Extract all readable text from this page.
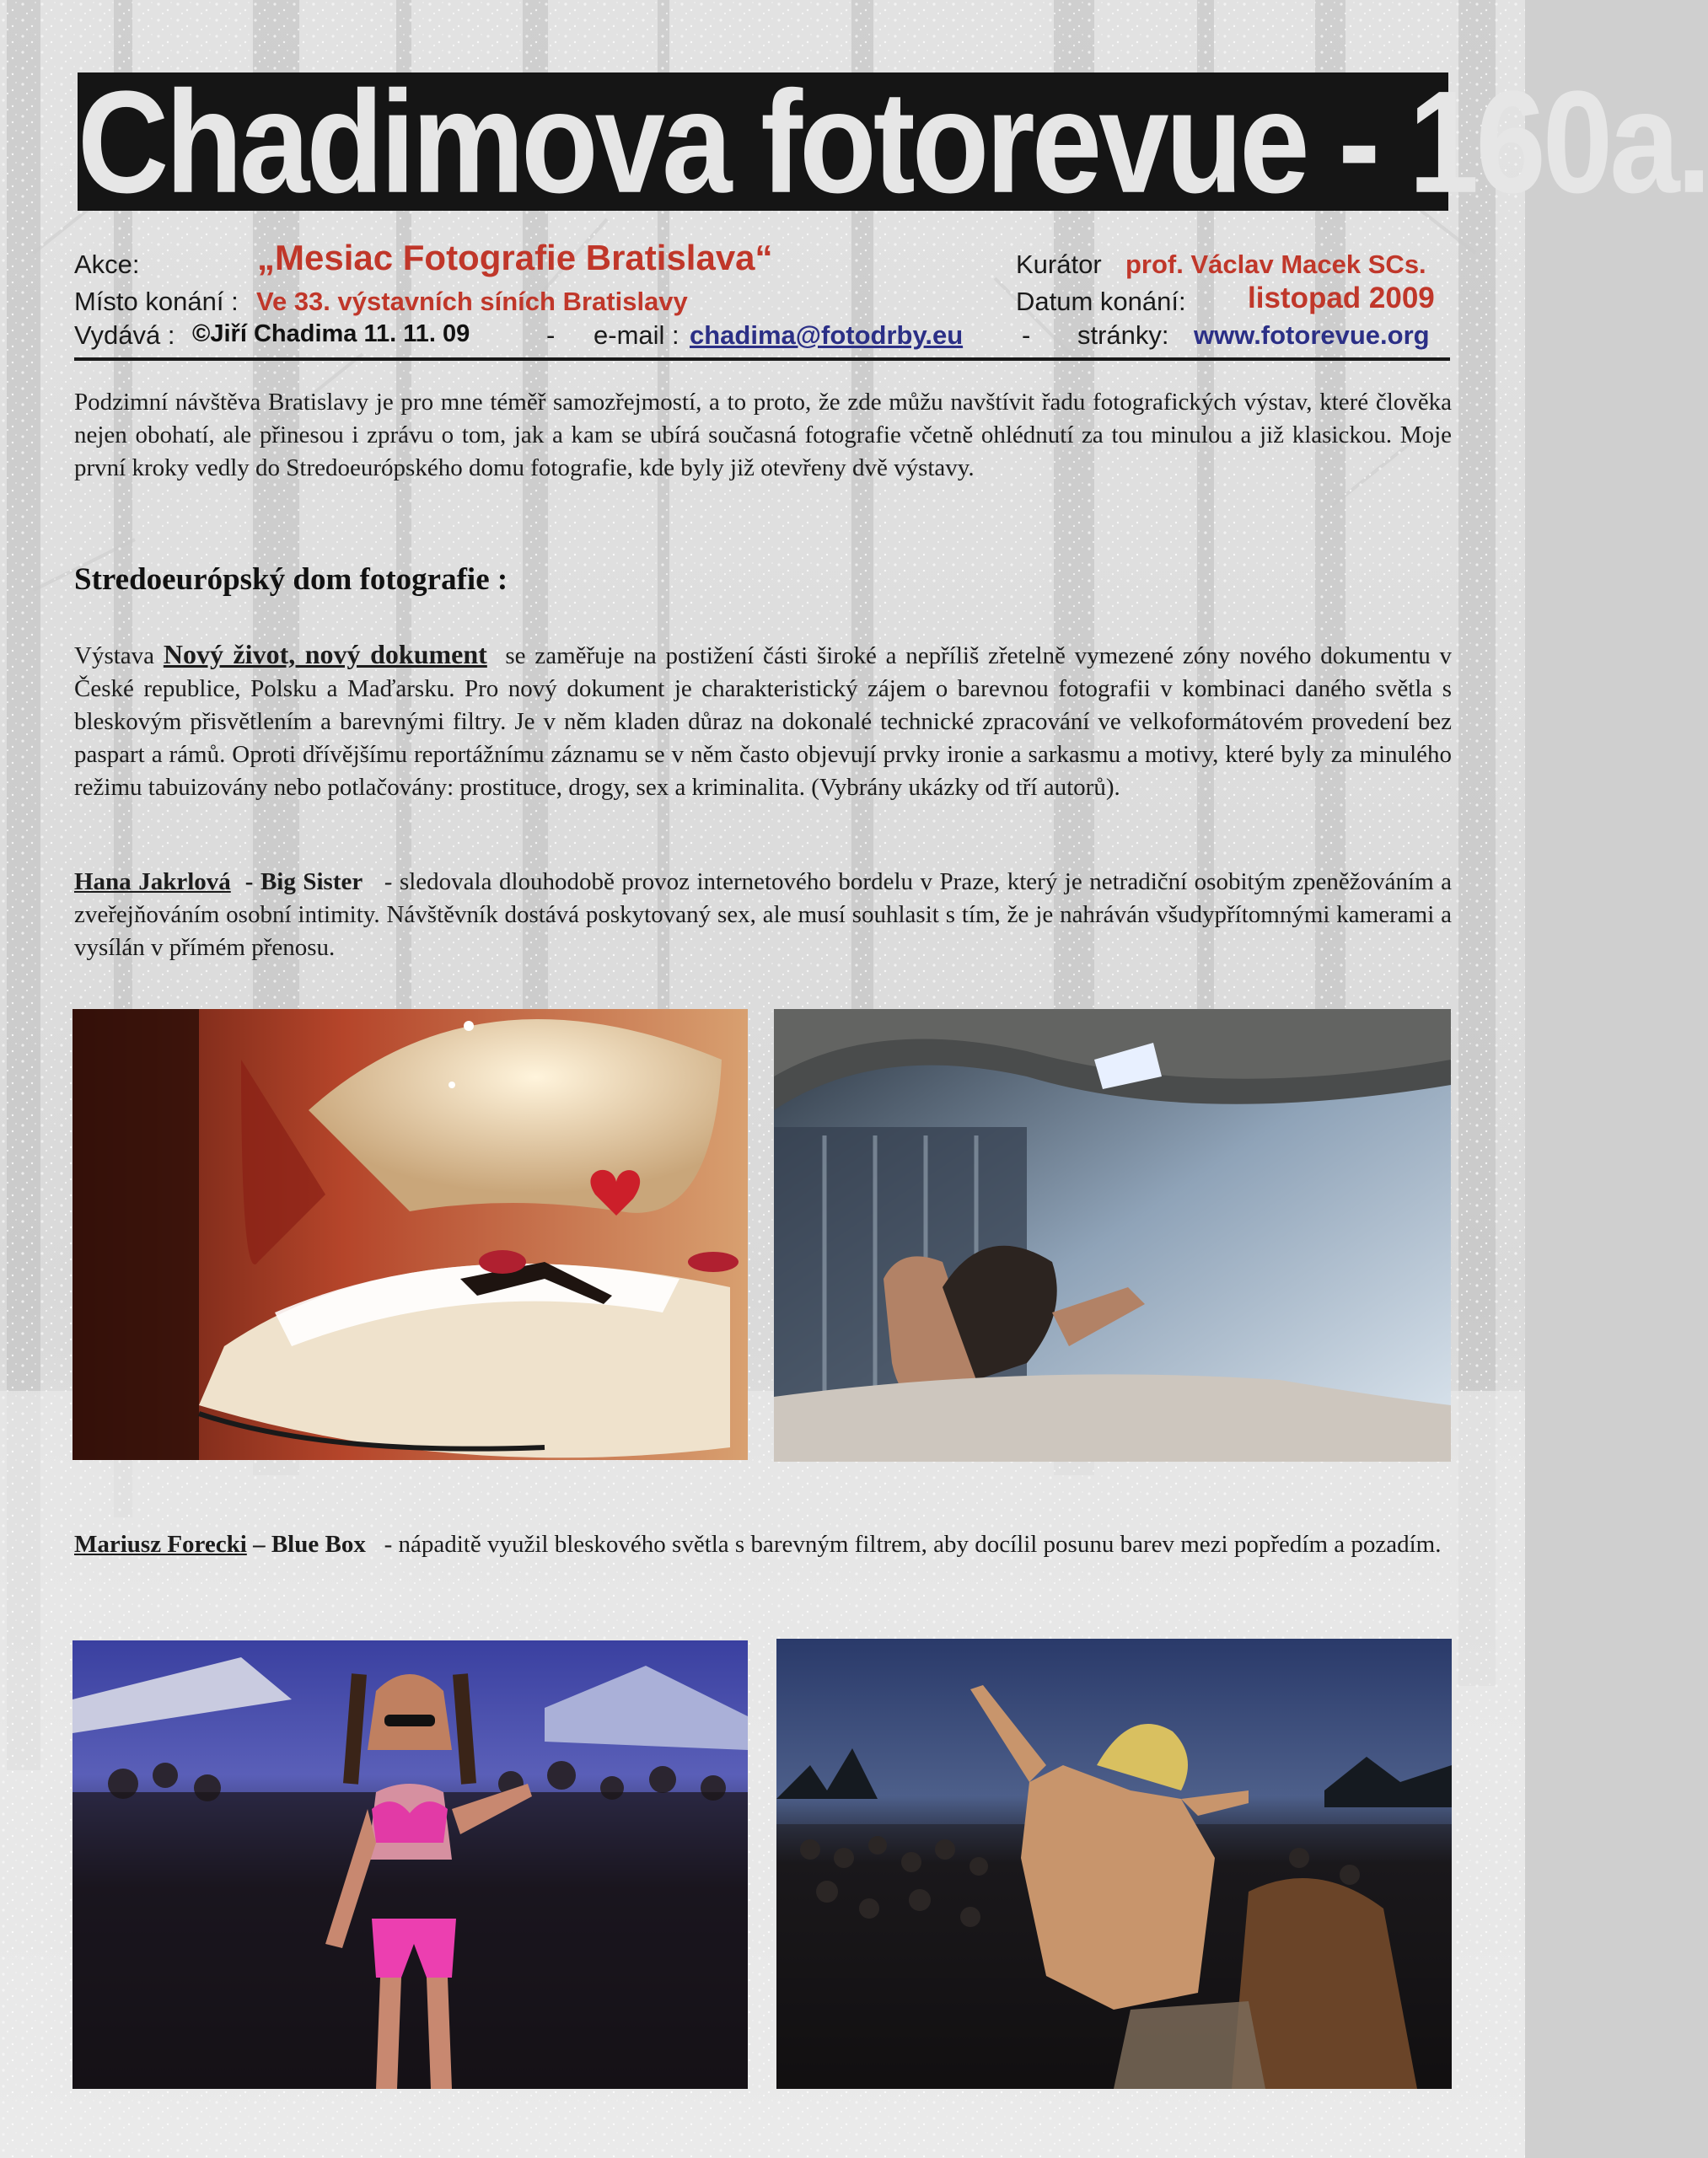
Chadimova fotorevue - 160a.
Akce:	„Mesiac Fotografie Bratislava“	Kurátor prof. Václav Macek SCs.
Místo konání : Ve 33. výstavních síních Bratislavy	Datum konání: listopad 2009
Vydává : ©Jiří Chadima 11. 11. 09	- e-mail : chadima@fotodrby.eu - stránky: www.fotorevue.org
Podzimní návštěva Bratislavy je pro mne téměř samozřejmostí, a to proto, že zde můžu navštívit řadu fotografických výstav, které člověka nejen obohatí, ale přinesou i zprávu o tom, jak a kam se ubírá současná fotografie včetně ohlédnutí za tou minulou a již klasickou. Moje první kroky vedly do Stredoeurópského domu fotografie, kde byly již otevřeny dvě výstavy.
Stredoeurópský dom fotografie :
Výstava Nový život, nový dokument se zaměřuje na postižení části široké a nepříliš zřetelně vymezené zóny nového dokumentu v České republice, Polsku a Maďarsku. Pro nový dokument je charakteristický zájem o barevnou fotografii v kombinaci daného světla s bleskovým přisvětlením a barevnými filtry. Je v něm kladen důraz na dokonalé technické zpracování ve velkoformátovém provedení bez paspart a rámů. Oproti dřívějšímu reportážnímu záznamu se v něm často objevují prvky ironie a sarkasmu a motivy, které byly za minulého režimu tabuizovány nebo potlačovány: prostituce, drogy, sex a kriminalita. (Vybrány ukázky od tří autorů).
Hana Jakrlová - Big Sister - sledovala dlouhodobě provoz internetového bordelu v Praze, který je netradiční osobitým zpeněžováním a zveřejňováním osobní intimity. Návštěvník dostává poskytovaný sex, ale musí souhlasit s tím, že je nahráván všudypřítomnými kamerami a vysílán v přímém přenosu.
Mariusz Forecki – Blue Box - nápaditě využil bleskového světla s barevným filtrem, aby docílil posunu barev mezi popředím a pozadím.
